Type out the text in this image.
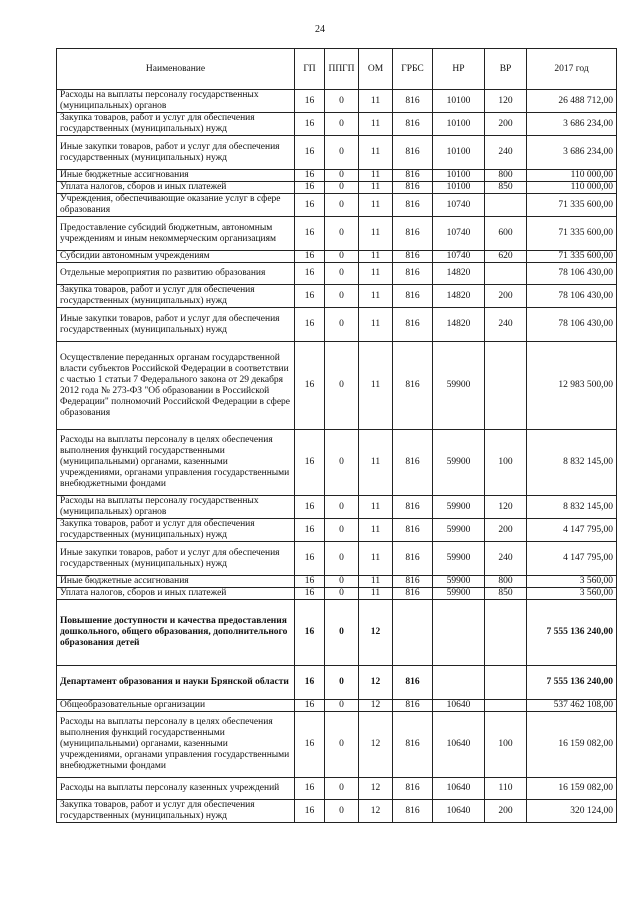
24
Наименование	ГП	ППГП	ОМ	ГРБС	НР	ВР	2017 год
Расходы на выплаты персоналу государственных (муниципальных) органов	16	0	11	816	10100	120	26 488 712,00
Закупка товаров, работ и услуг для обеспечения государственных (муниципальных) нужд	16	0	11	816	10100	200	3 686 234,00
Иные закупки товаров, работ и услуг для обеспечения государственных (муниципальных) нужд	16	0	11	816	10100	240	3 686 234,00
Иные бюджетные ассигнования	16	0	11	816	10100	800	110 000,00
Уплата налогов, сборов и иных платежей	16	0	11	816	10100	850	110 000,00
Учреждения, обеспечивающие оказание услуг в сфере образования	16	0	11	816	10740		71 335 600,00
Предоставление субсидий бюджетным, автономным учреждениям и иным некоммерческим организациям	16	0	11	816	10740	600	71 335 600,00
Субсидии автономным учреждениям	16	0	11	816	10740	620	71 335 600,00
Отдельные мероприятия по развитию образования	16	0	11	816	14820		78 106 430,00
Закупка товаров, работ и услуг для обеспечения государственных (муниципальных) нужд	16	0	11	816	14820	200	78 106 430,00
Иные закупки товаров, работ и услуг для обеспечения государственных (муниципальных) нужд	16	0	11	816	14820	240	78 106 430,00
Осуществление переданных органам государственной власти субъектов Российской Федерации в соответствии с частью 1 статьи 7 Федерального закона от 29 декабря 2012 года № 273-ФЗ "Об образовании в Российской Федерации" полномочий Российской Федерации в сфере образования	16	0	11	816	59900		12 983 500,00
Расходы на выплаты персоналу в целях обеспечения выполнения функций государственными (муниципальными) органами, казенными учреждениями, органами управления государственными внебюджетными фондами	16	0	11	816	59900	100	8 832 145,00
Расходы на выплаты персоналу государственных (муниципальных) органов	16	0	11	816	59900	120	8 832 145,00
Закупка товаров, работ и услуг для обеспечения государственных (муниципальных) нужд	16	0	11	816	59900	200	4 147 795,00
Иные закупки товаров, работ и услуг для обеспечения государственных (муниципальных) нужд	16	0	11	816	59900	240	4 147 795,00
Иные бюджетные ассигнования	16	0	11	816	59900	800	3 560,00
Уплата налогов, сборов и иных платежей	16	0	11	816	59900	850	3 560,00
Повышение доступности и качества предоставления дошкольного, общего образования, дополнительного образования детей	16	0	12				7 555 136 240,00
Департамент образования и науки Брянской области	16	0	12	816			7 555 136 240,00
Общеобразовательные организации	16	0	12	816	10640		537 462 108,00
Расходы на выплаты персоналу в целях обеспечения выполнения функций государственными (муниципальными) органами, казенными учреждениями, органами управления государственными внебюджетными фондами	16	0	12	816	10640	100	16 159 082,00
Расходы на выплаты персоналу казенных учреждений	16	0	12	816	10640	110	16 159 082,00
Закупка товаров, работ и услуг для обеспечения государственных (муниципальных) нужд	16	0	12	816	10640	200	320 124,00
